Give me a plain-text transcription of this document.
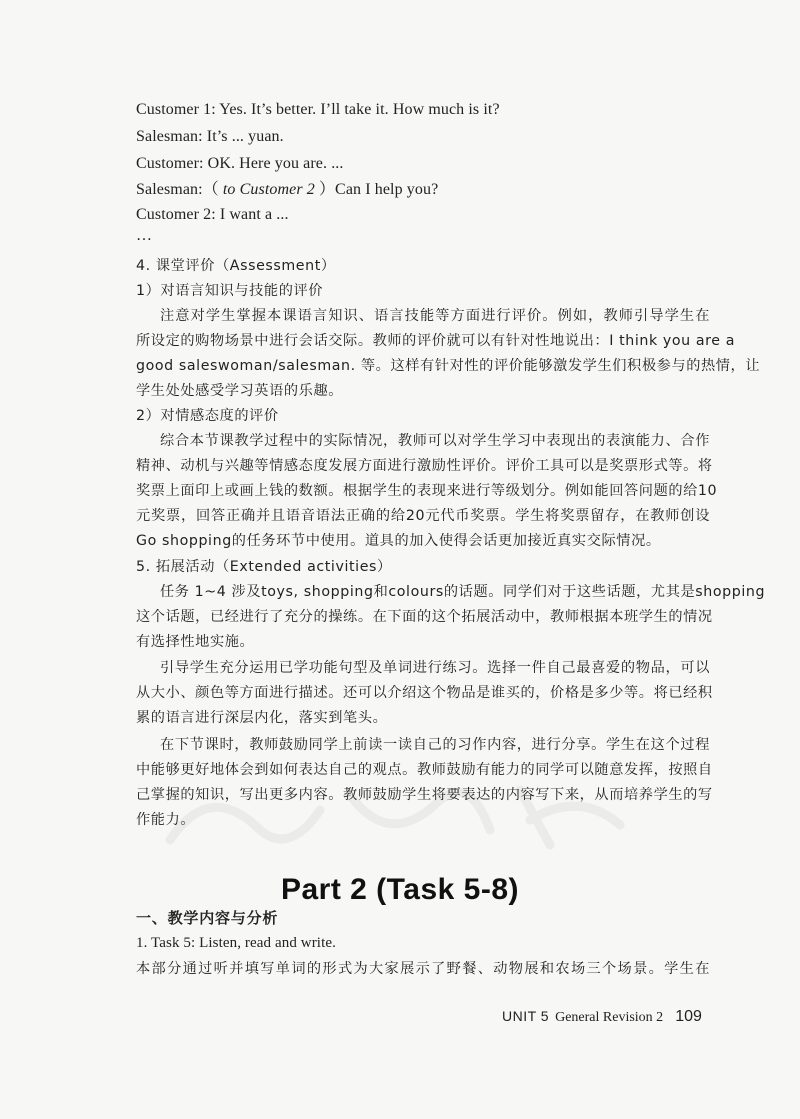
Customer 1: Yes. It’s better. I’ll take it. How much is it?
Salesman: It’s ... yuan.
Customer: OK. Here you are. ...
Salesman:（ to Customer 2 ）Can I help you?
Customer 2: I want a ...
…
4. 课堂评价（Assessment）
1）对语言知识与技能的评价
注意对学生掌握本课语言知识、语言技能等方面进行评价。例如，教师引导学生在
所设定的购物场景中进行会话交际。教师的评价就可以有针对性地说出：I think you are a
good saleswoman/salesman. 等。这样有针对性的评价能够激发学生们积极参与的热情，让
学生处处感受学习英语的乐趣。
2）对情感态度的评价
综合本节课教学过程中的实际情况，教师可以对学生学习中表现出的表演能力、合作
精神、动机与兴趣等情感态度发展方面进行激励性评价。评价工具可以是奖票形式等。将
奖票上面印上或画上钱的数额。根据学生的表现来进行等级划分。例如能回答问题的给10
元奖票，回答正确并且语音语法正确的给20元代币奖票。学生将奖票留存，在教师创设
Go shopping的任务环节中使用。道具的加入使得会话更加接近真实交际情况。
5. 拓展活动（Extended activities）
任务 1~4 涉及toys, shopping和colours的话题。同学们对于这些话题，尤其是shopping
这个话题，已经进行了充分的操练。在下面的这个拓展活动中，教师根据本班学生的情况
有选择性地实施。
引导学生充分运用已学功能句型及单词进行练习。选择一件自己最喜爱的物品，可以
从大小、颜色等方面进行描述。还可以介绍这个物品是谁买的，价格是多少等。将已经积
累的语言进行深层内化，落实到笔头。
在下节课时，教师鼓励同学上前读一读自己的习作内容，进行分享。学生在这个过程
中能够更好地体会到如何表达自己的观点。教师鼓励有能力的同学可以随意发挥，按照自
己掌握的知识，写出更多内容。教师鼓励学生将要表达的内容写下来，从而培养学生的写
作能力。
Part 2 (Task 5-8)
一、教学内容与分析
1. Task 5: Listen, read and write.
本部分通过听并填写单词的形式为大家展示了野餐、动物展和农场三个场景。学生在
UNIT 5 General Revision 2 109
